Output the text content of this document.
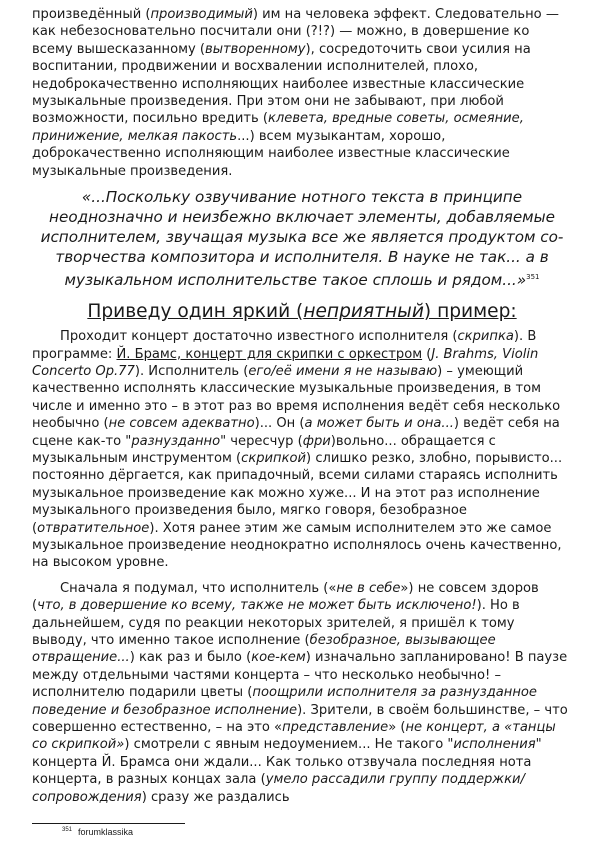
произведённый (производимый) им на человека эффект. Следовательно — как небезосновательно посчитали они (?!?) — можно, в довершение ко всему вышесказанному (вытворенному), сосредоточить свои усилия на воспитании, продвижении и восхвалении исполнителей, плохо, недоброкачественно исполняющих наиболее известные классические музыкальные произведения. При этом они не забывают, при любой возможности, посильно вредить (клевета, вредные советы, осмеяние, принижение, мелкая пакость...) всем музыкантам, хорошо, доброкачественно исполняющим наиболее известные классические музыкальные произведения.

«...Поскольку озвучивание нотного текста в принципе неоднозначно и неизбежно включает элементы, добавляемые исполнителем, звучащая музыка все же является продуктом со-творчества композитора и исполнителя. В науке не так... а в музыкальном исполнительстве такое сплошь и рядом...»$^{351}$

Приведу один яркий (неприятный) пример:

Проходит концерт достаточно известного исполнителя (скрипка). В программе: Й. Брамс, концерт для скрипки с оркестром (J. Brahms, Violin Concerto Op.77). Исполнитель (его/её имени я не называю) – умеющий качественно исполнять классические музыкальные произведения, в том числе и именно это – в этот раз во время исполнения ведёт себя несколько необычно (не совсем адекватно)... Он (а может быть и она...) ведёт себя на сцене как-то "разнузданно" чересчур (фри)вольно... обращается с музыкальным инструментом (скрипкой) слишко резко, злобно, порывисто... постоянно дёргается, как припадочный, всеми силами стараясь исполнить музыкальное произведение как можно хуже... И на этот раз исполнение музыкального произведения было, мягко говоря, безобразное (отвратительное). Хотя ранее этим же самым исполнителем это же самое музыкальное произведение неоднократно исполнялось очень качественно, на высоком уровне.

Сначала я подумал, что исполнитель («не в себе») не совсем здоров (что, в довершение ко всему, также не может быть исключено!). Но в дальнейшем, судя по реакции некоторых зрителей, я пришёл к тому выводу, что именно такое исполнение (безобразное, вызывающее отвращение...) как раз и было (кое-кем) изначально запланировано! В паузе между отдельными частями концерта – что несколько необычно! – исполнителю подарили цветы (поощрили исполнителя за разнузданное поведение и безобразное исполнение). Зрители, в своём большинстве, – что совершенно естественно, – на это «представление» (не концерт, а «танцы со скрипкой») смотрели с явным недоумением... Не такого "исполнения" концерта Й. Брамса они ждали... Как только отзвучала последняя нота концерта, в разных концах зала (умело рассадили группу поддержки/сопровождения) сразу же раздались

$^{351}$ forumklassika
